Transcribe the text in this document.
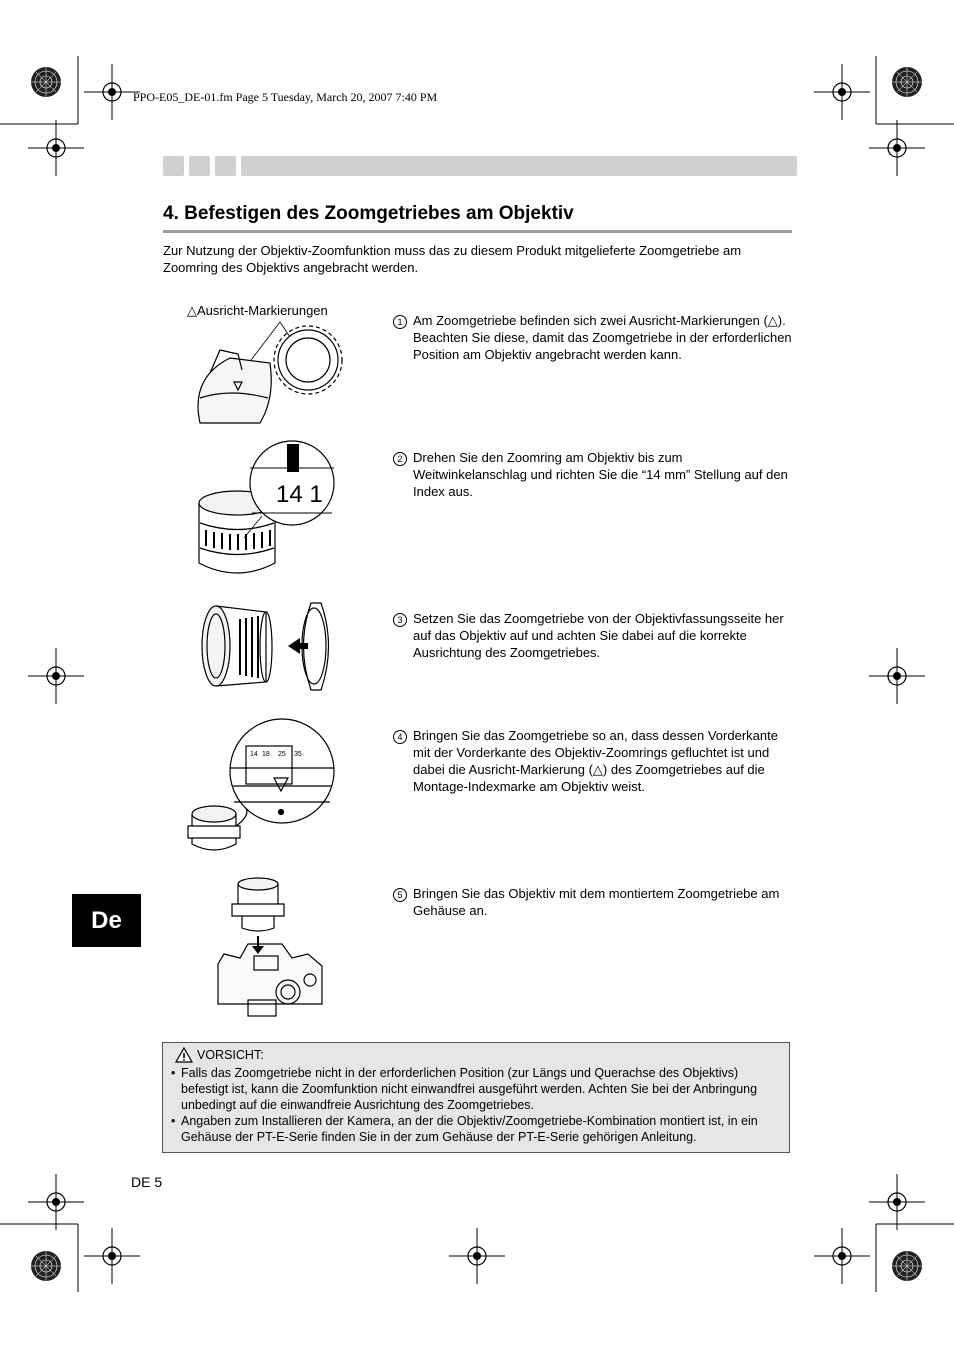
PPO-E05_DE-01.fm Page 5 Tuesday, March 20, 2007 7:40 PM
4. Befestigen des Zoomgetriebes am Objektiv
Zur Nutzung der Objektiv-Zoomfunktion muss das zu diesem Produkt mitgelieferte Zoomgetriebe am Zoomring des Objektivs angebracht werden.
△Ausricht-Markierungen
1 Am Zoomgetriebe befinden sich zwei Ausricht-Markierungen (△). Beachten Sie diese, damit das Zoomgetriebe in der erforderlichen Position am Objektiv angebracht werden kann.
14 1
2 Drehen Sie den Zoomring am Objektiv bis zum Weitwinkelanschlag und richten Sie die “14 mm” Stellung auf den Index aus.
3 Setzen Sie das Zoomgetriebe von der Objektivfassungsseite her auf das Objektiv auf und achten Sie dabei auf die korrekte Ausrichtung des Zoomgetriebes.
14 18 25 35
4 Bringen Sie das Zoomgetriebe so an, dass dessen Vorderkante mit der Vorderkante des Objektiv-Zoomrings gefluchtet ist und dabei die Ausricht-Markierung (△) des Zoomgetriebes auf die Montage-Indexmarke am Objektiv weist.
5 Bringen Sie das Objektiv mit dem montiertem Zoomgetriebe am Gehäuse an.
De
VORSICHT:
• Falls das Zoomgetriebe nicht in der erforderlichen Position (zur Längs und Querachse des Objektivs) befestigt ist, kann die Zoomfunktion nicht einwandfrei ausgeführt werden. Achten Sie bei der Anbringung unbedingt auf die einwandfreie Ausrichtung des Zoomgetriebes.
• Angaben zum Installieren der Kamera, an der die Objektiv/Zoomgetriebe-Kombination montiert ist, in ein Gehäuse der PT-E-Serie finden Sie in der zum Gehäuse der PT-E-Serie gehörigen Anleitung.
DE 5
